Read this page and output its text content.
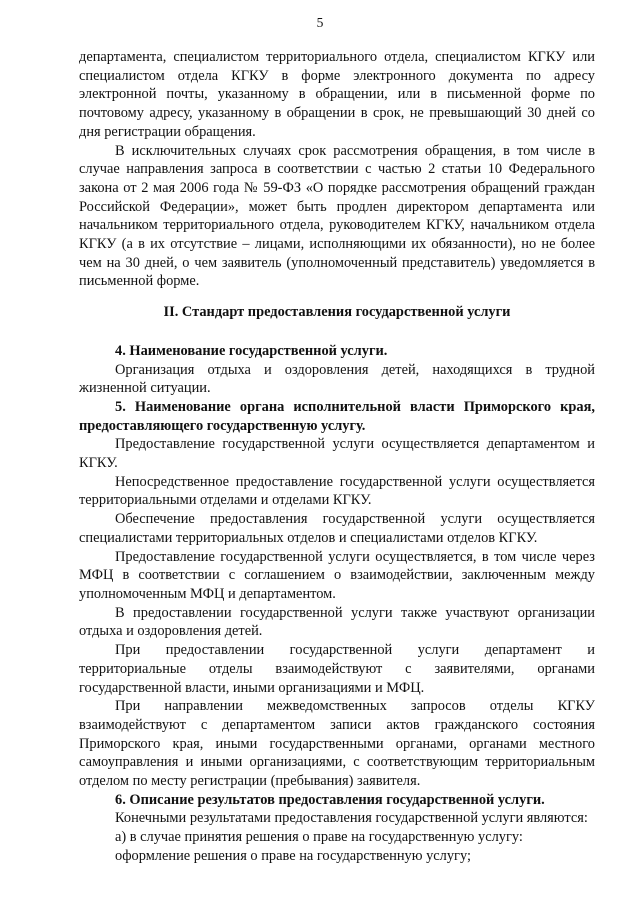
5

департамента, специалистом территориального отдела, специалистом КГКУ или специалистом отдела КГКУ в форме электронного документа по адресу электронной почты, указанному в обращении, или в письменной форме по почтовому адресу, указанному в обращении в срок, не превышающий 30 дней со дня регистрации обращения.

В исключительных случаях срок рассмотрения обращения, в том числе в случае направления запроса в соответствии с частью 2 статьи 10 Федерального закона от 2 мая 2006 года № 59-ФЗ «О порядке рассмотрения обращений граждан Российской Федерации», может быть продлен директором департамента или начальником территориального отдела, руководителем КГКУ, начальником отдела КГКУ (а в их отсутствие – лицами, исполняющими их обязанности), но не более чем на 30 дней, о чем заявитель (уполномоченный представитель) уведомляется в письменной форме.

II. Стандарт предоставления государственной услуги

4. Наименование государственной услуги.

Организация отдыха и оздоровления детей, находящихся в трудной жизненной ситуации.

5. Наименование органа исполнительной власти Приморского края, предоставляющего государственную услугу.

Предоставление государственной услуги осуществляется департаментом и КГКУ.

Непосредственное предоставление государственной услуги осуществляется территориальными отделами и отделами КГКУ.

Обеспечение предоставления государственной услуги осуществляется специалистами территориальных отделов и специалистами отделов КГКУ.

Предоставление государственной услуги осуществляется, в том числе через МФЦ в соответствии с соглашением о взаимодействии, заключенным между уполномоченным МФЦ и департаментом.

В предоставлении государственной услуги также участвуют организации отдыха и оздоровления детей.

При предоставлении государственной услуги департамент и территориальные отделы взаимодействуют с заявителями, органами государственной власти, иными организациями и МФЦ.

При направлении межведомственных запросов отделы КГКУ взаимодействуют с департаментом записи актов гражданского состояния Приморского края, иными государственными органами, органами местного самоуправления и иными организациями, с соответствующим территориальным отделом по месту регистрации (пребывания) заявителя.

6. Описание результатов предоставления государственной услуги.

Конечными результатами предоставления государственной услуги являются:

а) в случае принятия решения о праве на государственную услугу:

оформление решения о праве на государственную услугу;
